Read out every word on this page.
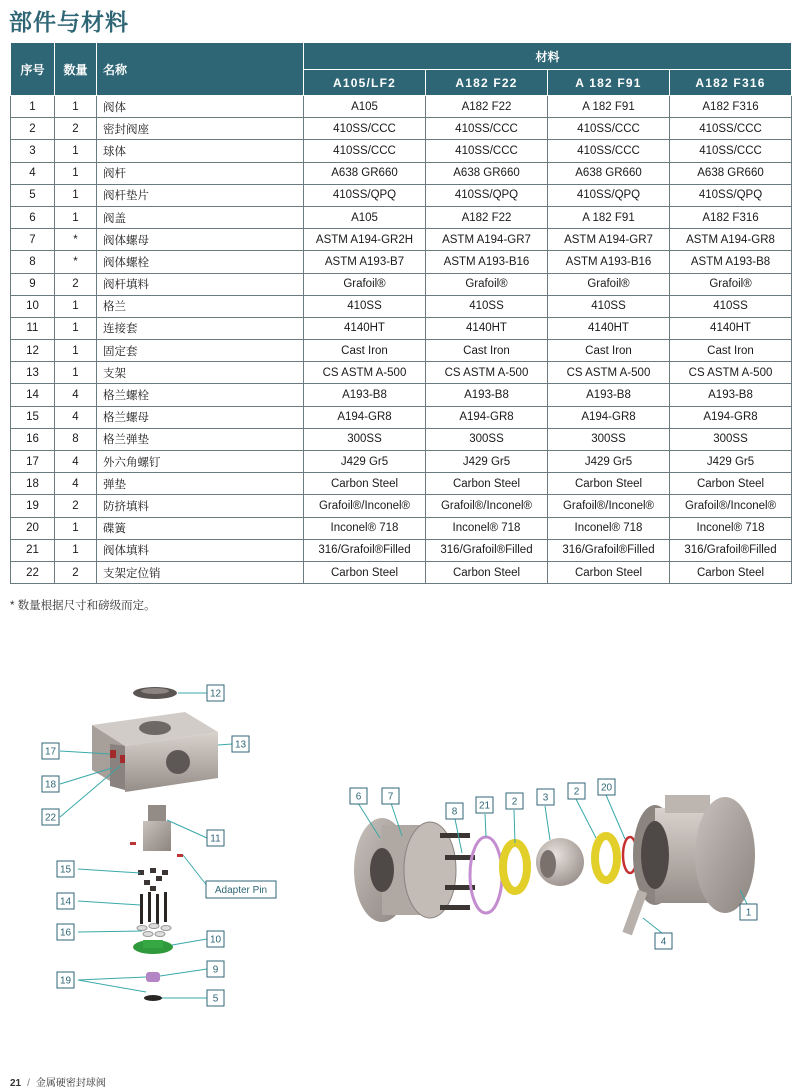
部件与材料
序号	数量	名称	材料			
			A105/LF2	A182 F22	A 182 F91	A182 F316
1	1	阀体	A105	A182 F22	A 182 F91	A182 F316
2	2	密封阀座	410SS/CCC	410SS/CCC	410SS/CCC	410SS/CCC
3	1	球体	410SS/CCC	410SS/CCC	410SS/CCC	410SS/CCC
4	1	阀杆	A638 GR660	A638 GR660	A638 GR660	A638 GR660
5	1	阀杆垫片	410SS/QPQ	410SS/QPQ	410SS/QPQ	410SS/QPQ
6	1	阀盖	A105	A182 F22	A 182 F91	A182 F316
7	*	阀体螺母	ASTM A194-GR2H	ASTM A194-GR7	ASTM A194-GR7	ASTM A194-GR8
8	*	阀体螺栓	ASTM A193-B7	ASTM A193-B16	ASTM A193-B16	ASTM A193-B8
9	2	阀杆填料	Grafoil®	Grafoil®	Grafoil®	Grafoil®
10	1	格兰	410SS	410SS	410SS	410SS
11	1	连接套	4140HT	4140HT	4140HT	4140HT
12	1	固定套	Cast Iron	Cast Iron	Cast Iron	Cast Iron
13	1	支架	CS ASTM A-500	CS ASTM A-500	CS ASTM A-500	CS ASTM A-500
14	4	格兰螺栓	A193-B8	A193-B8	A193-B8	A193-B8
15	4	格兰螺母	A194-GR8	A194-GR8	A194-GR8	A194-GR8
16	8	格兰弹垫	300SS	300SS	300SS	300SS
17	4	外六角螺钉	J429 Gr5	J429 Gr5	J429 Gr5	J429 Gr5
18	4	弹垫	Carbon Steel	Carbon Steel	Carbon Steel	Carbon Steel
19	2	防挤填料	Grafoil®/Inconel®	Grafoil®/Inconel®	Grafoil®/Inconel®	Grafoil®/Inconel®
20	1	碟簧	Inconel® 718	Inconel® 718	Inconel® 718	Inconel® 718
21	1	阀体填料	316/Grafoil®Filled	316/Grafoil®Filled	316/Grafoil®Filled	316/Grafoil®Filled
22	2	支架定位销	Carbon Steel	Carbon Steel	Carbon Steel	Carbon Steel
* 数量根据尺寸和磅级而定。
12
13
17
18
22
11
15
14
16
10
19
9
5
6	7
8
21 2	3
2 20
1
4
Adapter Pin
21 / 金属硬密封球阀
